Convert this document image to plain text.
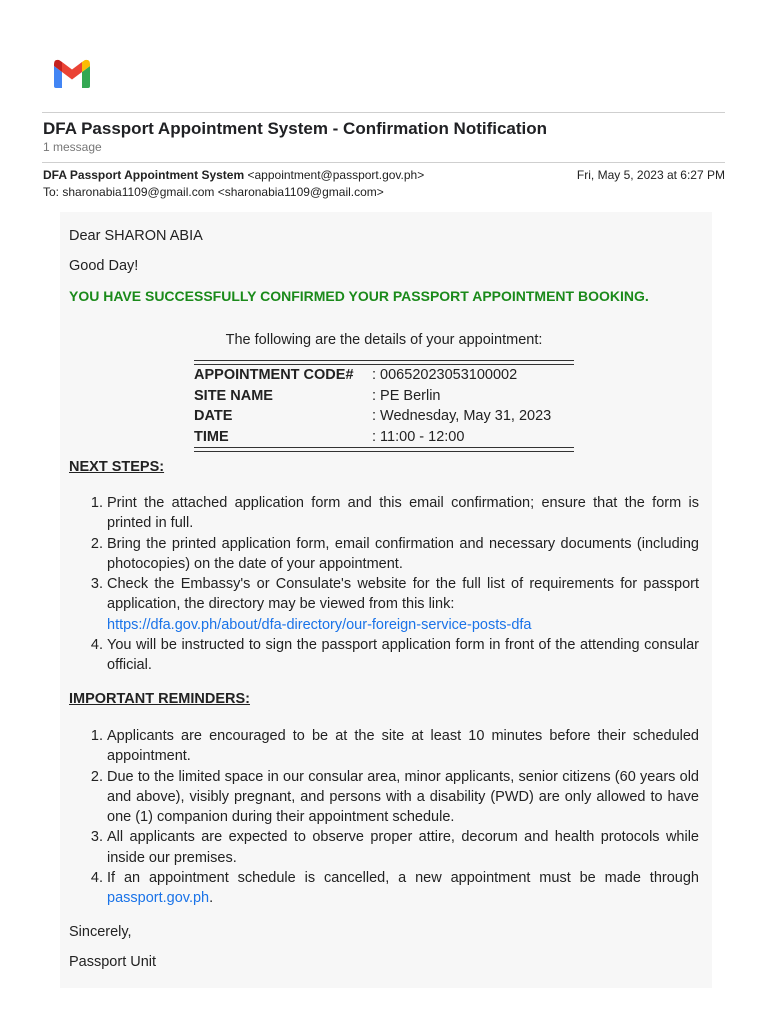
DFA Passport Appointment System - Confirmation Notification
1 message
DFA Passport Appointment System <appointment@passport.gov.ph>	Fri, May 5, 2023 at 6:27 PM
To: sharonabia1109@gmail.com <sharonabia1109@gmail.com>
Dear SHARON ABIA
Good Day!
YOU HAVE SUCCESSFULLY CONFIRMED YOUR PASSPORT APPOINTMENT BOOKING.
The following are the details of your appointment:
APPOINTMENT CODE#	: 00652023053100002
SITE NAME	: PE Berlin
DATE	: Wednesday, May 31, 2023
TIME	: 11:00 - 12:00
NEXT STEPS:
1. Print the attached application form and this email confirmation; ensure that the form is printed in full.
2. Bring the printed application form, email confirmation and necessary documents (including photocopies) on the date of your appointment.
3. Check the Embassy's or Consulate's website for the full list of requirements for passport application, the directory may be viewed from this link:
https://dfa.gov.ph/about/dfa-directory/our-foreign-service-posts-dfa
4. You will be instructed to sign the passport application form in front of the attending consular official.
IMPORTANT REMINDERS:
1. Applicants are encouraged to be at the site at least 10 minutes before their scheduled appointment.
2. Due to the limited space in our consular area, minor applicants, senior citizens (60 years old and above), visibly pregnant, and persons with a disability (PWD) are only allowed to have one (1) companion during their appointment schedule.
3. All applicants are expected to observe proper attire, decorum and health protocols while inside our premises.
4. If an appointment schedule is cancelled, a new appointment must be made through passport.gov.ph.
Sincerely,
Passport Unit
